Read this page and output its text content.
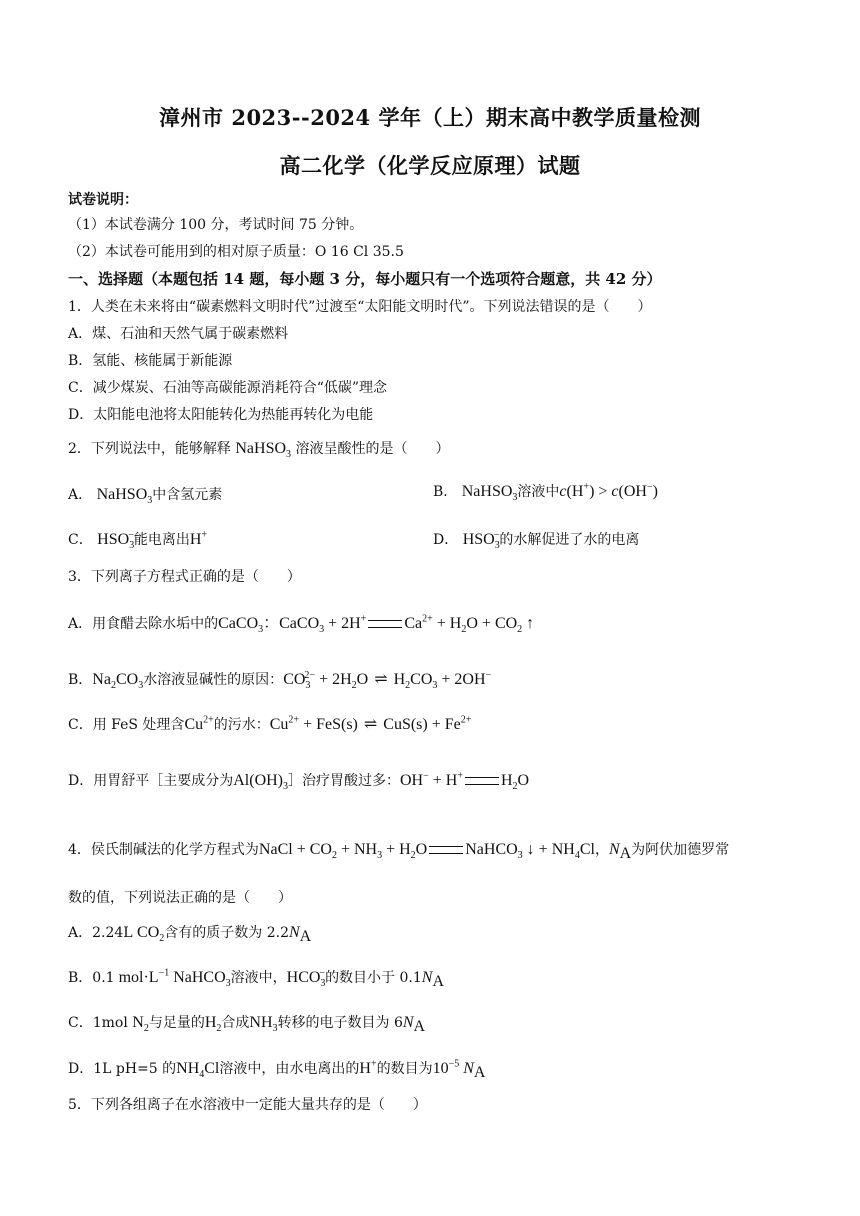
漳州市 2023--2024 学年（上）期末高中教学质量检测
高二化学（化学反应原理）试题
试卷说明：
（1）本试卷满分 100 分，考试时间 75 分钟。
（2）本试卷可能用到的相对原子质量：O 16 Cl 35.5
一、选择题（本题包括 14 题，每小题 3 分，每小题只有一个选项符合题意，共 42 分）
1．人类在未来将由“碳素燃料文明时代”过渡至“太阳能文明时代”。下列说法错误的是（　　）
A．煤、石油和天然气属于碳素燃料
B．氢能、核能属于新能源
C．减少煤炭、石油等高碳能源消耗符合“低碳”理念
D．太阳能电池将太阳能转化为热能再转化为电能
2．下列说法中，能够解释 NaHSO$_3$ 溶液呈酸性的是（　　）
A． NaHSO$_3$中含氢元素	B． NaHSO$_3$溶液中c(H+) > c(OH−)
C． $HSO_3^-$能电离出H+	D． $HSO_3^-$的水解促进了水的电离
3．下列离子方程式正确的是（　　）
A．用食醋去除水垢中的CaCO$_3$：CaCO$_3$ + 2H+ $Ca^{2+} + H_2O + CO_2$ ↑
B．$Na_2CO_3$水溶液显碱性的原因：$CO_3^{2-} + 2H_2O$ ⇌ $H_2CO_3 + 2OH^-$
C．用 FeS 处理含$Cu^{2+}$的污水：$Cu^{2+} + FeS(s)$ ⇌ $CuS(s) + Fe^{2+}$
D．用胃舒平［主要成分为$Al(OH)_3]$治疗胃酸过多：OH− + H+ $H_2O$
4．侯氏制碱法的化学方程式为NaCl + $CO_2 + NH_3 + H_2O$ NaHCO$_3$ ↓ + $NH_4Cl$，$N_A$为阿伏加德罗常
数的值，下列说法正确的是（　　）
A．2.24L $CO_2$含有的质子数为 $2.2N_A$
B．0.1 $mol\cdot L^{-1}$ NaHCO$_3$溶液中，$HCO_3^-$的数目小于 $0.1N_A$
C．1mol $N_2$与足量的$H_2$合成$NH_3$转移的电子数目为 $6N_A$
D．1L pH=5 的$NH_4Cl$溶液中，由水电离出的H+的数目为$10^{-5}$ $N_A$
5．下列各组离子在水溶液中一定能大量共存的是（　　）
